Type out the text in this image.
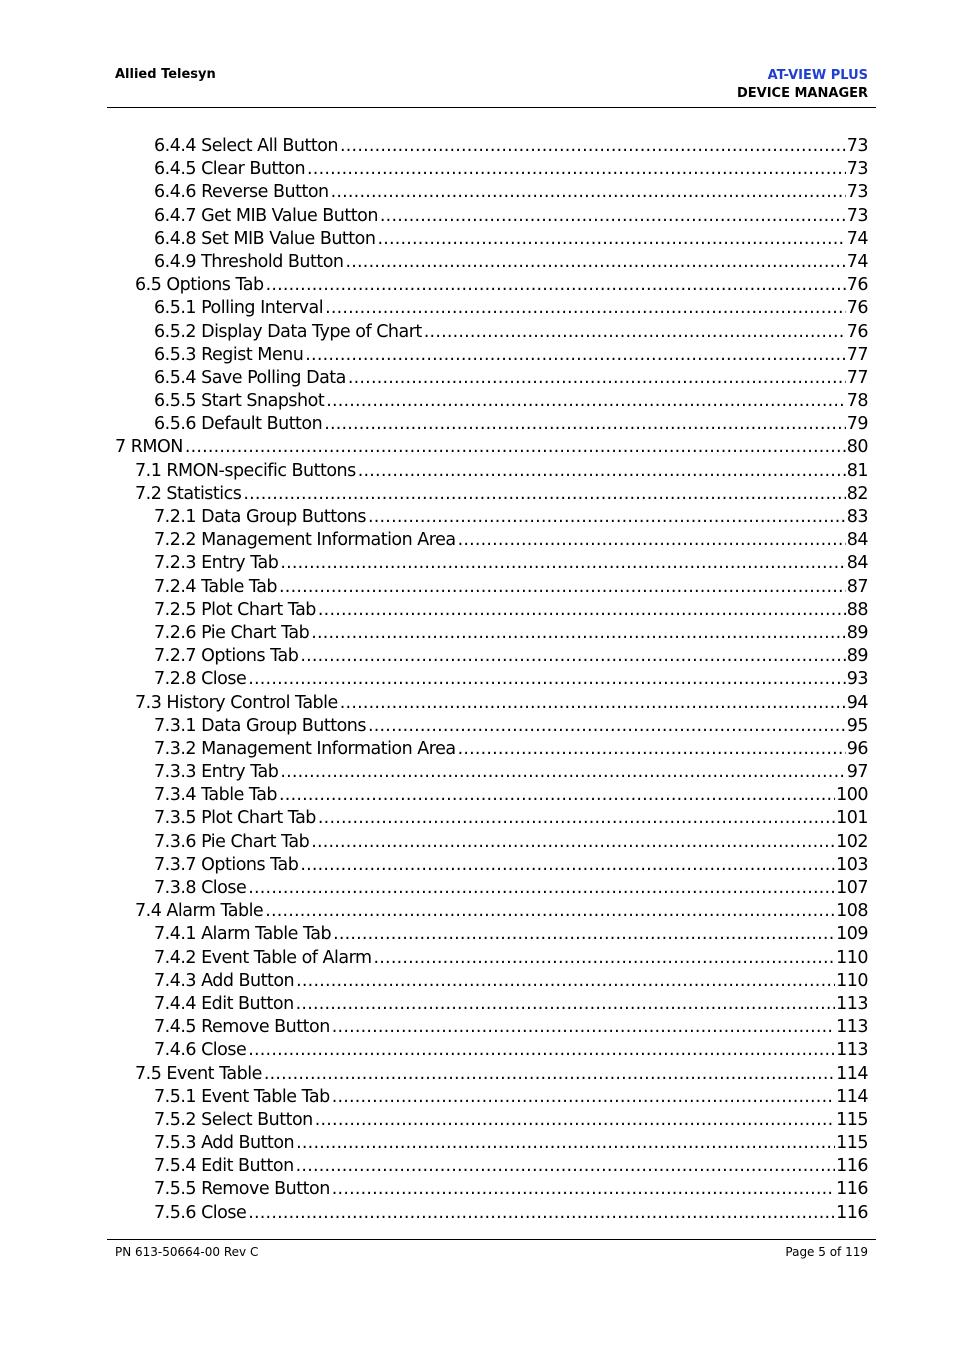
Allied Telesyn	AT-VIEW PLUS
DEVICE MANAGER
6.4.4 Select All Button .....	73
6.4.5 Clear Button .....	73
6.4.6 Reverse Button .....	73
6.4.7 Get MIB Value Button .....	73
6.4.8 Set MIB Value Button .....	74
6.4.9 Threshold Button .....	74
6.5 Options Tab .....	76
6.5.1 Polling Interval .....	76
6.5.2 Display Data Type of Chart .....	76
6.5.3 Regist Menu .....	77
6.5.4 Save Polling Data .....	77
6.5.5 Start Snapshot .....	78
6.5.6 Default Button .....	79
7 RMON .....	80
7.1 RMON-specific Buttons .....	81
7.2 Statistics .....	82
7.2.1 Data Group Buttons .....	83
7.2.2 Management Information Area .....	84
7.2.3 Entry Tab .....	84
7.2.4 Table Tab .....	87
7.2.5 Plot Chart Tab .....	88
7.2.6 Pie Chart Tab .....	89
7.2.7 Options Tab .....	89
7.2.8 Close .....	93
7.3 History Control Table .....	94
7.3.1 Data Group Buttons .....	95
7.3.2 Management Information Area .....	96
7.3.3 Entry Tab .....	97
7.3.4 Table Tab .....	100
7.3.5 Plot Chart Tab .....	101
7.3.6 Pie Chart Tab .....	102
7.3.7 Options Tab .....	103
7.3.8 Close .....	107
7.4 Alarm Table .....	108
7.4.1 Alarm Table Tab .....	109
7.4.2 Event Table of Alarm .....	110
7.4.3 Add Button .....	110
7.4.4 Edit Button .....	113
7.4.5 Remove Button .....	113
7.4.6 Close .....	113
7.5 Event Table .....	114
7.5.1 Event Table Tab .....	114
7.5.2 Select Button .....	115
7.5.3 Add Button .....	115
7.5.4 Edit Button .....	116
7.5.5 Remove Button .....	116
7.5.6 Close .....	116
PN 613-50664-00 Rev C	Page 5 of 119
